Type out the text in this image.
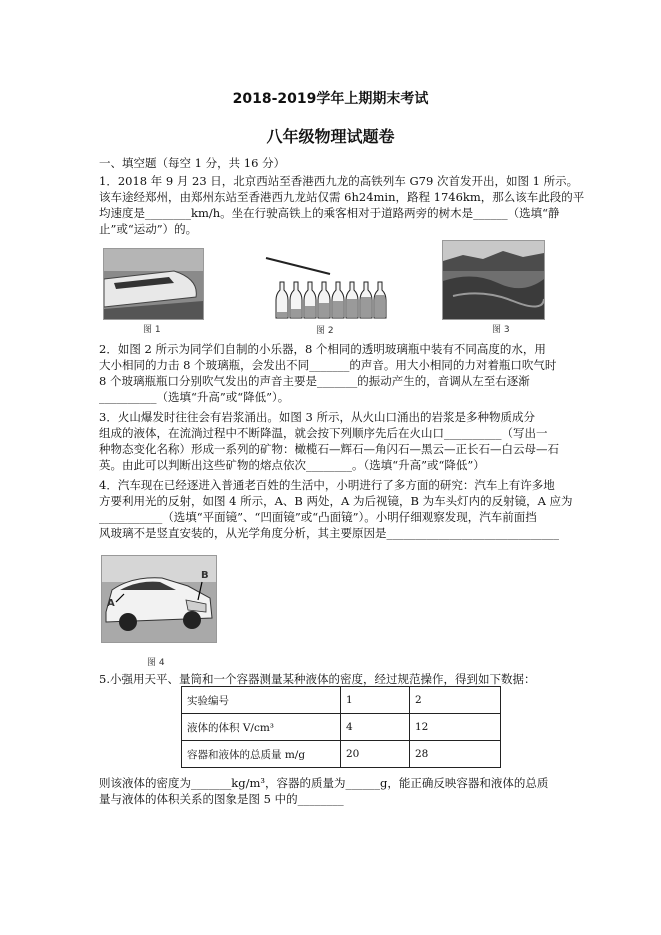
2018-2019学年上期期末考试
八年级物理试题卷
一、填空题（每空 1 分，共 16 分）
1．2018 年 9 月 23 日，北京西站至香港西九龙的高铁列车 G79 次首发开出，如图 1 所示。
该车途经郑州，由郑州东站至香港西九龙站仅需 6h24min，路程 1746km，那么该车此段的平
均速度是________km/h。坐在行驶高铁上的乘客相对于道路两旁的树木是______（选填“静
止”或“运动”）的。
图 1	图 2	图 3
2．如图 2 所示为同学们自制的小乐器，8 个相同的透明玻璃瓶中装有不同高度的水，用
大小相同的力击 8 个玻璃瓶，会发出不同_______的声音。用大小相同的力对着瓶口吹气时
8 个玻璃瓶瓶口分别吹气发出的声音主要是_______的振动产生的，音调从左至右逐渐
__________（选填“升高”或“降低”）。
3．火山爆发时往往会有岩浆涌出。如图 3 所示，从火山口涌出的岩浆是多种物质成分
组成的液体，在流淌过程中不断降温，就会按下列顺序先后在火山口__________（写出一
种物态变化名称）形成一系列的矿物：橄榄石—辉石—角闪石—黑云—正长石—白云母—石
英。由此可以判断出这些矿物的熔点依次________。（选填“升高”或“降低”）
4．汽车现在已经逐进入普通老百姓的生活中，小明进行了多方面的研究：汽车上有许多地
方要利用光的反射，如图 4 所示，A、B 两处，A 为后视镜，B 为车头灯内的反射镜，A 应为
___________（选填“平面镜”、“凹面镜”或“凸面镜”）。小明仔细观察发现，汽车前面挡
风玻璃不是竖直安装的，从光学角度分析，其主要原因是______________________________
A
B
图 4
5.小强用天平、量筒和一个容器测量某种液体的密度，经过规范操作，得到如下数据：
实验编号	1	2
液体的体积 V/cm³	4	12
容器和液体的总质量 m/g	20	28
则该液体的密度为_______kg/m³，容器的质量为______g，能正确反映容器和液体的总质
量与液体的体积关系的图象是图 5 中的________
